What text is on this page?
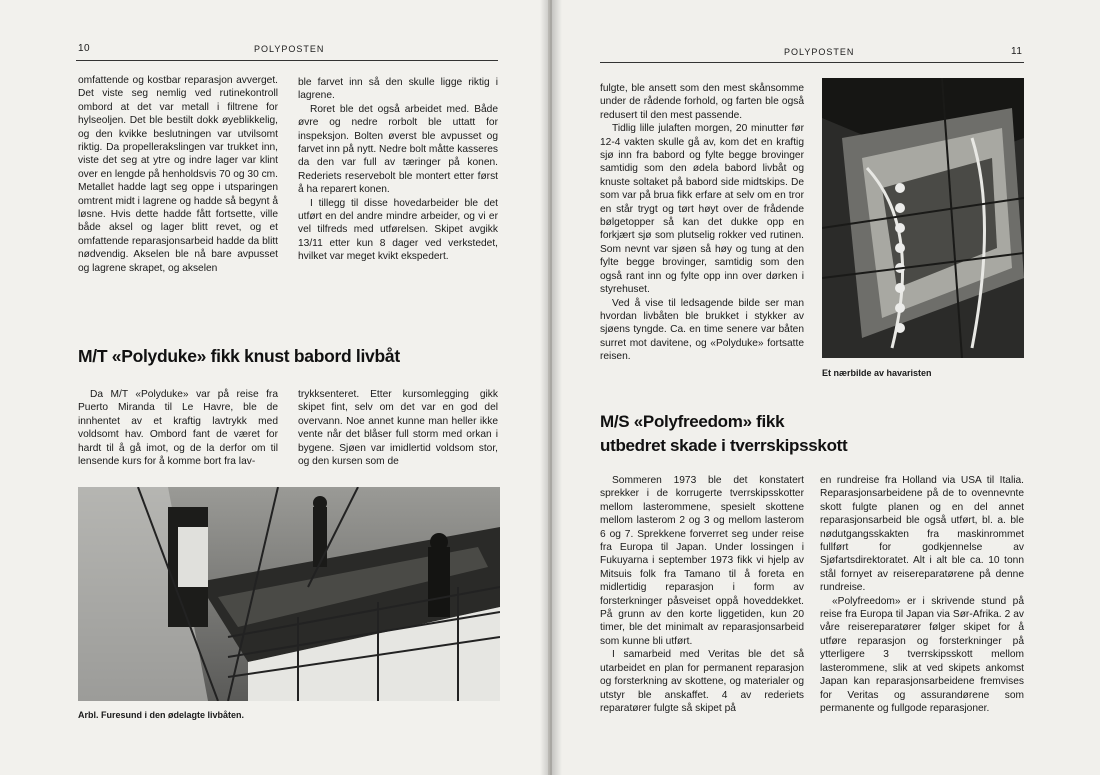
10	POLYPOSTEN

omfattende og kostbar reparasjon avverget. Det viste seg nemlig ved rutinekontroll ombord at det var metall i filtrene for hylseoljen. Det ble bestilt dokk øyeblikkelig, og den kvikke beslutningen var utvilsomt riktig. Da propellerakslingen var trukket inn, viste det seg at ytre og indre lager var klint over en lengde på henholdsvis 70 og 30 cm. Metallet hadde lagt seg oppe i utsparingen omtrent midt i lagrene og hadde så begynt å løsne. Hvis dette hadde fått fortsette, ville både aksel og lager blitt revet, og et omfattende reparasjonsarbeid hadde da blitt nødvendig. Akselen ble nå bare avpusset og lagrene skrapet, og akselen

ble farvet inn så den skulle ligge riktig i lagrene.

Roret ble det også arbeidet med. Både øvre og nedre rorbolt ble uttatt for inspeksjon. Bolten øverst ble avpusset og farvet inn på nytt. Nedre bolt måtte kasseres da den var full av tæringer på konen. Rederiets reservebolt ble montert etter først å ha reparert konen.

I tillegg til disse hovedarbeider ble det utført en del andre mindre arbeider, og vi er vel tilfreds med utførelsen. Skipet avgikk 13/11 etter kun 8 dager ved verkstedet, hvilket var meget kvikt ekspedert.

M/T «Polyduke» fikk knust babord livbåt

Da M/T «Polyduke» var på reise fra Puerto Miranda til Le Havre, ble de innhentet av et kraftig lavtrykk med voldsomt hav. Ombord fant de været for hardt til å gå imot, og de la derfor om til lensende kurs for å komme bort fra lav-

trykksenteret. Etter kursomlegging gikk skipet fint, selv om det var en god del overvann. Noe annet kunne man heller ikke vente når det blåser full storm med orkan i bygene. Sjøen var imidlertid voldsom stor, og den kursen som de

Arbl. Furesund i den ødelagte livbåten.
POLYPOSTEN	11

fulgte, ble ansett som den mest skånsomme under de rådende forhold, og farten ble også redusert til den mest passende.

Tidlig lille julaften morgen, 20 minutter før 12-4 vakten skulle gå av, kom det en kraftig sjø inn fra babord og fylte begge brovinger samtidig som den ødela babord livbåt og knuste soltaket på babord side midtskips. De som var på brua fikk erfare at selv om en tror en står trygt og tørt høyt over de frådende bølgetopper så kan det dukke opp en forkjært sjø som plutselig rokker ved rutinen. Som nevnt var sjøen så høy og tung at den fylte begge brovinger, samtidig som den også rant inn og fylte opp inn over dørken i styrehuset.

Ved å vise til ledsagende bilde ser man hvordan livbåten ble brukket i stykker av sjøens tyngde. Ca. en time senere var båten surret mot davitene, og «Polyduke» fortsatte reisen.

Et nærbilde av havaristen
M/S «Polyfreedom» fikk
utbedret skade i tverrskipsskott

Sommeren 1973 ble det konstatert sprekker i de korrugerte tverrskipsskotter mellom lasterommene, spesielt skottene mellom lasterom 2 og 3 og mellom lasterom 6 og 7. Sprekkene forverret seg under reise fra Europa til Japan. Under lossingen i Fukuyarna i september 1973 fikk vi hjelp av Mitsuis folk fra Tamano til å foreta en midlertidig reparasjon i form av forsterkninger påsveiset oppå hoveddekket. På grunn av den korte liggetiden, kun 20 timer, ble det minimalt av reparasjonsarbeid som kunne bli utført.

I samarbeid med Veritas ble det så utarbeidet en plan for permanent reparasjon og forsterkning av skottene, og materialer og utstyr ble anskaffet. 4 av rederiets reparatører fulgte så skipet på

en rundreise fra Holland via USA til Italia. Reparasjonsarbeidene på de to ovennevnte skott fulgte planen og en del annet reparasjonsarbeid ble også utført, bl. a. ble nødutgangsskakten fra maskinrommet fullført for godkjennelse av Sjøfartsdirektoratet. Alt i alt ble ca. 10 tonn stål fornyet av reisereparatørene på denne rundreise.

«Polyfreedom» er i skrivende stund på reise fra Europa til Japan via Sør-Afrika. 2 av våre reisereparatører følger skipet for å utføre reparasjon og forsterkninger på ytterligere 3 tverrskipsskott mellom lasterommene, slik at ved skipets ankomst Japan kan reparasjonsarbeidene fremvises for Veritas og assurandørene som permanente og fullgode reparasjoner.
